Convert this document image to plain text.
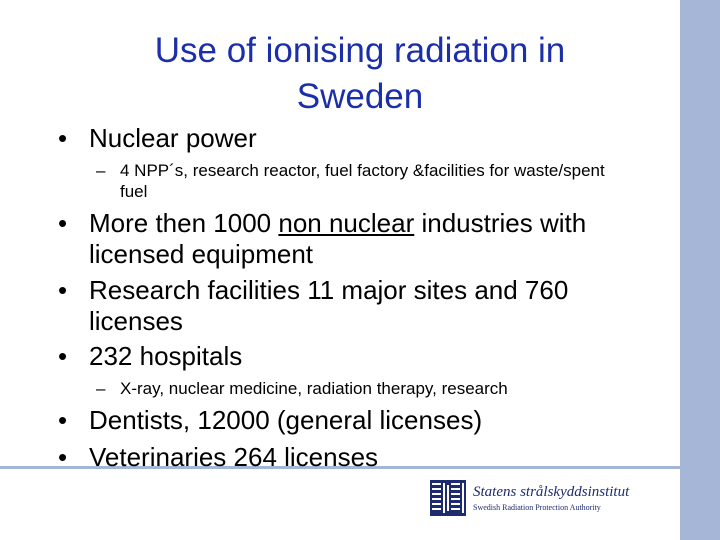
Use of ionising radiation in
Sweden
• Nuclear power
– 4 NPP´s, research reactor, fuel factory &facilities for waste/spent fuel
• More then 1000 non nuclear industries with licensed equipment
• Research facilities 11 major sites and 760 licenses
• 232 hospitals
– X-ray, nuclear medicine, radiation therapy, research
• Dentists, 12000 (general licenses)
• Veterinaries 264 licenses
Statens strålskyddsinstitut
Swedish Radiation Protection Authority
